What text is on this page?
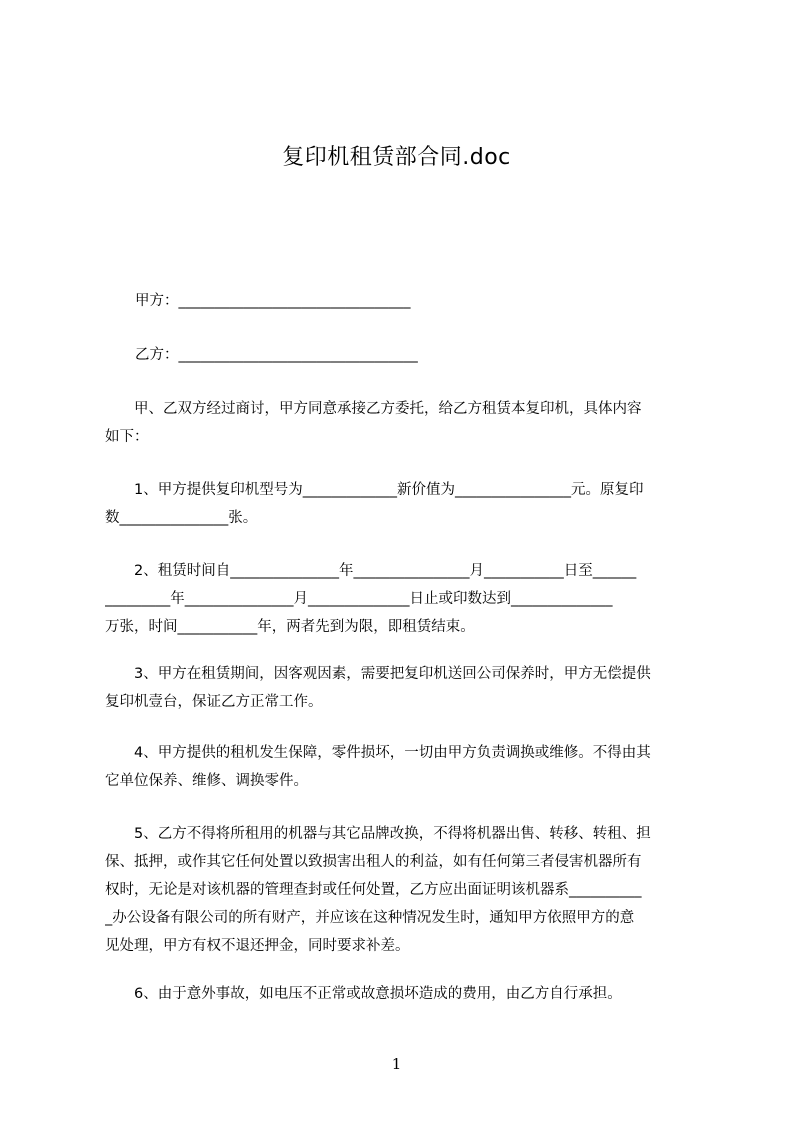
复印机租赁部合同.doc
甲方：________________________________
乙方：_________________________________
　　甲、乙双方经过商讨，甲方同意承接乙方委托，给乙方租赁本复印机，具体内容
如下：
　　1、甲方提供复印机型号为_____________新价值为________________元。原复印
数_______________张。
　　2、租赁时间自_______________年________________月___________日至______
_________年_______________月______________日止或印数达到______________
万张，时间___________年，两者先到为限，即租赁结束。
　　3、甲方在租赁期间，因客观因素，需要把复印机送回公司保养时，甲方无偿提供
复印机壹台，保证乙方正常工作。
　　4、甲方提供的租机发生保障，零件损坏，一切由甲方负责调换或维修。不得由其
它单位保养、维修、调换零件。
　　5、乙方不得将所租用的机器与其它品牌改换，不得将机器出售、转移、转租、担
保、抵押，或作其它任何处置以致损害出租人的利益，如有任何第三者侵害机器所有
权时，无论是对该机器的管理查封或任何处置，乙方应出面证明该机器系__________
_办公设备有限公司的所有财产，并应该在这种情况发生时，通知甲方依照甲方的意
见处理，甲方有权不退还押金，同时要求补差。
　　6、由于意外事故，如电压不正常或故意损坏造成的费用，由乙方自行承担。
1
